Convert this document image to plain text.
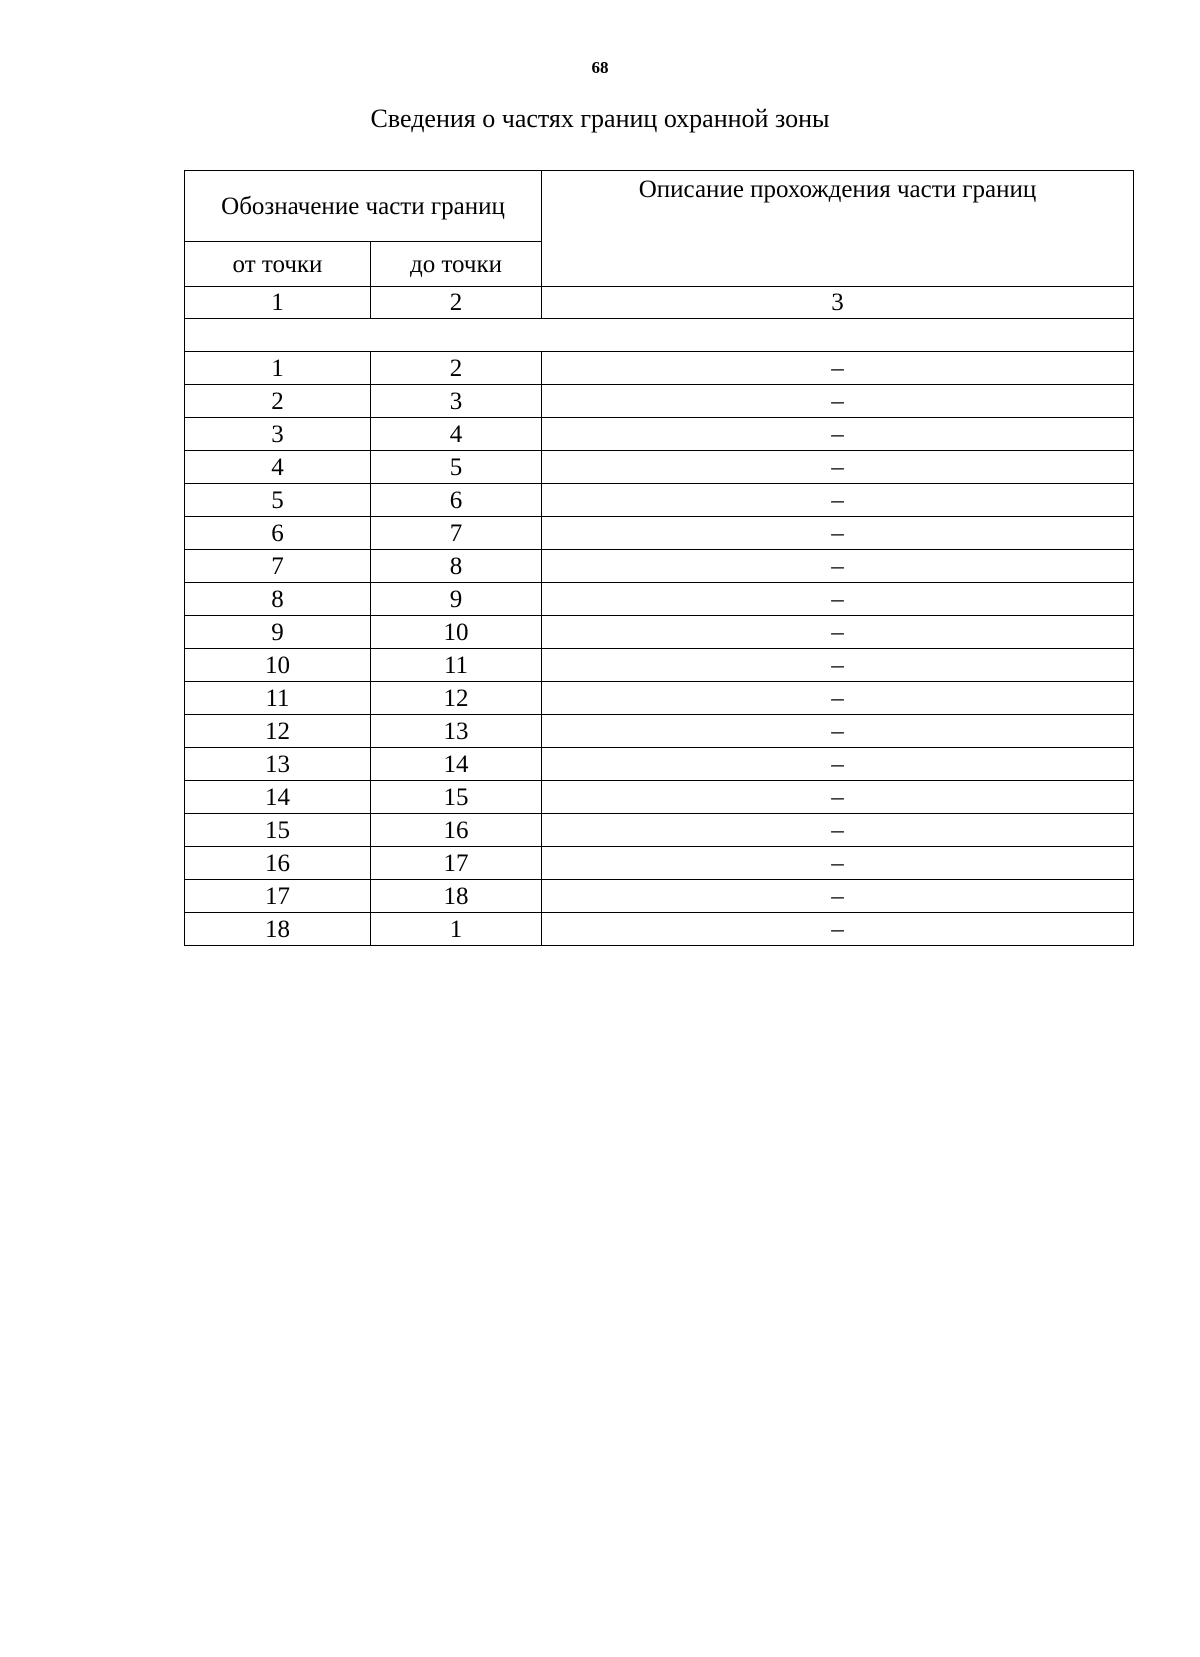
68
Сведения о частях границ охранной зоны
Обозначение части границ		Описание прохождения части границ
от точки	до точки	
1	2	3

1	2	–
2	3	–
3	4	–
4	5	–
5	6	–
6	7	–
7	8	–
8	9	–
9	10	–
10	11	–
11	12	–
12	13	–
13	14	–
14	15	–
15	16	–
16	17	–
17	18	–
18	1	–
